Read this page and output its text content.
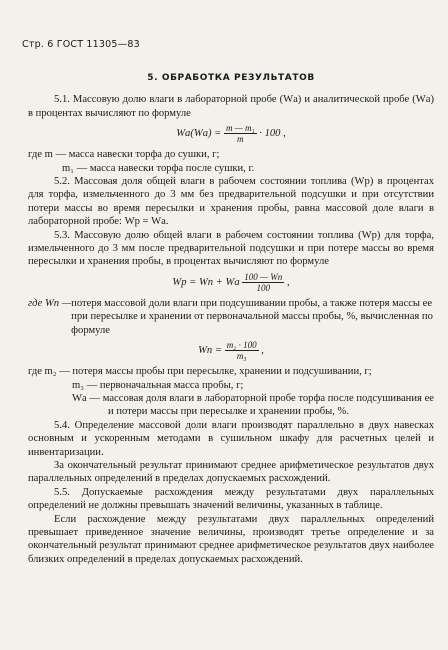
Стр. 6 ГОСТ 11305—83
5. ОБРАБОТКА РЕЗУЛЬТАТОВ

5.1. Массовую долю влаги в лабораторной пробе (Wа) и аналитической пробе (Wа) в процентах вычисляют по формуле

$Wа(Wа) = \frac{\text{m — m₁}}{m} \cdot 100$ ,

где m — масса навески торфа до сушки, г;

m₁ — масса навески торфа после сушки, г.

5.2. Массовая доля общей влаги в рабочем состоянии топлива (Wр) в процентах для торфа, измельченного до 3 мм без предварительной подсушки и при отсутствии потери массы во время пересылки и хранения пробы, равна массовой доле влаги в лабораторной пробе: Wр = Wа.

5.3. Массовую долю общей влаги в рабочем состоянии топлива (Wр) для торфа, измельченного до 3 мм после предварительной подсушки и при потере массы во время пересылки и хранения пробы, в процентах вычисляют по формуле

Wр = Wп + Wа $\frac{100 — Wп}{100}$ ,
где Wп — потеря массовой доли влаги при подсушивании пробы, а также потеря массы ее при пересылке и хранении от первоначальной массы пробы, %, вычисленная по формуле
Wп = $\frac{\text{m₂ · 100}}{\text{m₃}}$ ,

где m₂ — потеря массы пробы при пересылке, хранении и подсушивании, г;

m₃ — первоначальная масса пробы, г;

Wа — массовая доля влаги в лабораторной пробе торфа после подсушивания ее и потери массы при пересылке и хранении пробы, %.

5.4. Определение массовой доли влаги производят параллельно в двух навесках основным и ускоренным методами в сушильном шкафу для расчетных целей и инвентаризации.

За окончательный результат принимают среднее арифметическое результатов двух параллельных определений в пределах допускаемых расхождений.

5.5. Допускаемые расхождения между результатами двух параллельных определений не должны превышать значений величины, указанных в таблице.

Если расхождение между результатами двух параллельных определений превышает приведенное значение величины, производят третье определение и за окончательный результат принимают среднее арифметическое результатов двух наиболее близких определений в пределах допускаемых расхождений.
